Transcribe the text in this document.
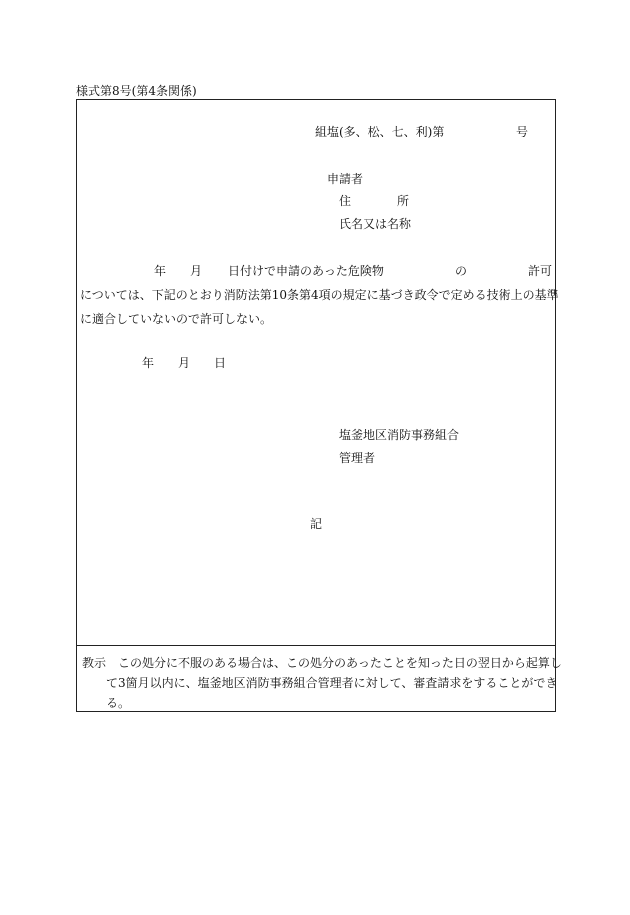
様式第8号(第4条関係)
組塩(多、松、七、利)第	号
申請者
住	所
氏名又は名称
年 月 日付けで申請のあった危険物	の	許可
については、下記のとおり消防法第10条第4項の規定に基づき政令で定める技術上の基準
に適合していないので許可しない。
年 月 日
塩釜地区消防事務組合
管理者
記
教示 この処分に不服のある場合は、この処分のあったことを知った日の翌日から起算し
て3箇月以内に、塩釜地区消防事務組合管理者に対して、審査請求をすることができ
る。
